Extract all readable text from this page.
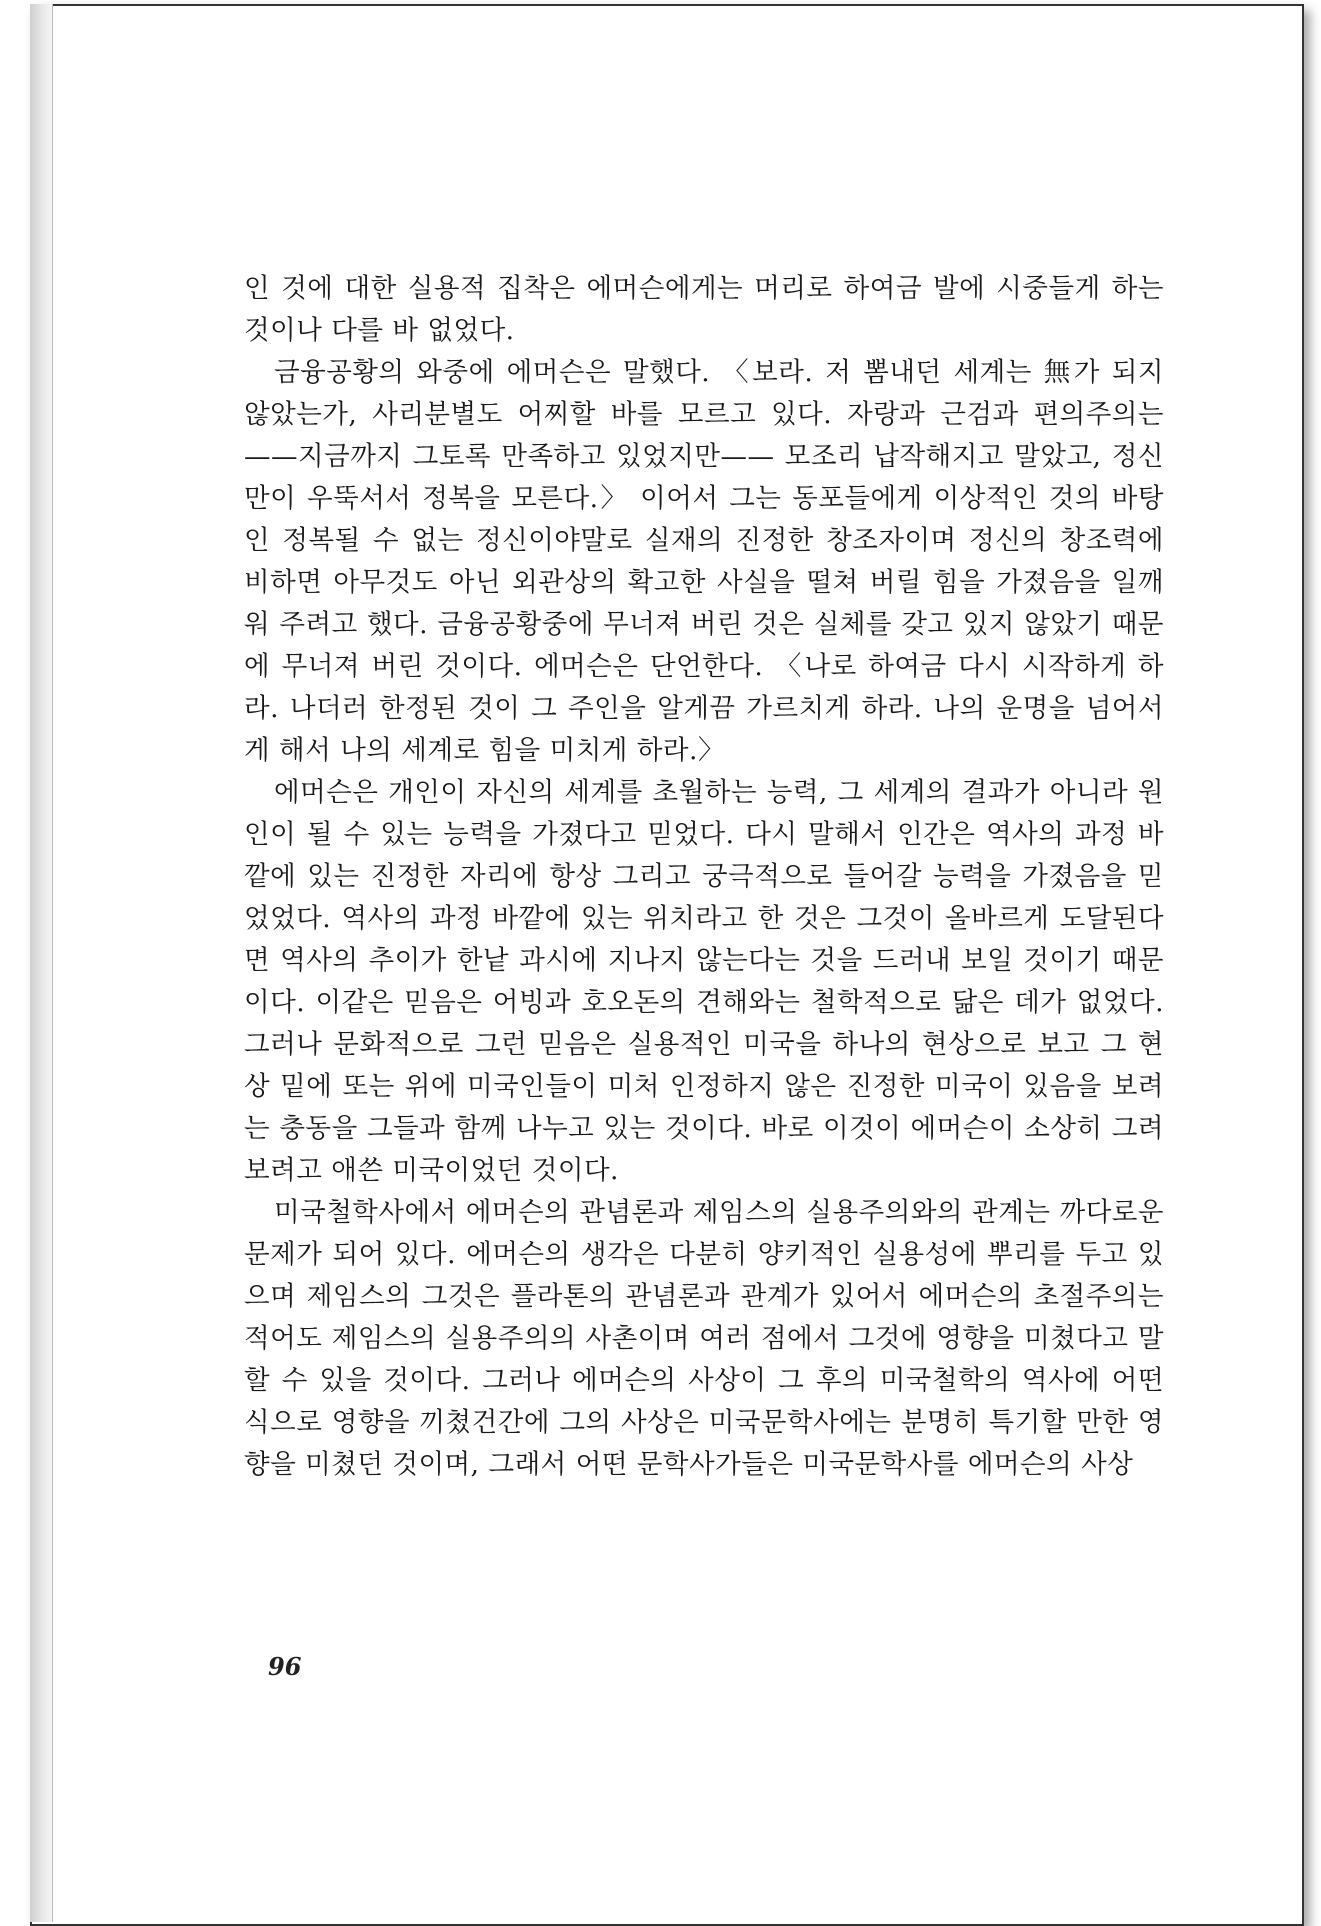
인 것에 대한 실용적 집착은 에머슨에게는 머리로 하여금 발에 시중들게 하는 것이나 다를 바 없었다.

금융공황의 와중에 에머슨은 말했다. 〈보라. 저 뽐내던 세계는 無가 되지 않았는가, 사리분별도 어찌할 바를 모르고 있다. 자랑과 근검과 편의주의는——지금까지 그토록 만족하고 있었지만—— 모조리 납작해지고 말았고, 정신만이 우뚝서서 정복을 모른다.〉 이어서 그는 동포들에게 이상적인 것의 바탕인 정복될 수 없는 정신이야말로 실재의 진정한 창조자이며 정신의 창조력에 비하면 아무것도 아닌 외관상의 확고한 사실을 떨쳐 버릴 힘을 가졌음을 일깨워 주려고 했다. 금융공황중에 무너져 버린 것은 실체를 갖고 있지 않았기 때문에 무너져 버린 것이다. 에머슨은 단언한다. 〈나로 하여금 다시 시작하게 하라. 나더러 한정된 것이 그 주인을 알게끔 가르치게 하라. 나의 운명을 넘어서게 해서 나의 세계로 힘을 미치게 하라.〉

에머슨은 개인이 자신의 세계를 초월하는 능력, 그 세계의 결과가 아니라 원인이 될 수 있는 능력을 가졌다고 믿었다. 다시 말해서 인간은 역사의 과정 바깥에 있는 진정한 자리에 항상 그리고 궁극적으로 들어갈 능력을 가졌음을 믿었었다. 역사의 과정 바깥에 있는 위치라고 한 것은 그것이 올바르게 도달된다면 역사의 추이가 한낱 과시에 지나지 않는다는 것을 드러내 보일 것이기 때문이다. 이같은 믿음은 어빙과 호오돈의 견해와는 철학적으로 닮은 데가 없었다. 그러나 문화적으로 그런 믿음은 실용적인 미국을 하나의 현상으로 보고 그 현상 밑에 또는 위에 미국인들이 미처 인정하지 않은 진정한 미국이 있음을 보려는 충동을 그들과 함께 나누고 있는 것이다. 바로 이것이 에머슨이 소상히 그려 보려고 애쓴 미국이었던 것이다.

미국철학사에서 에머슨의 관념론과 제임스의 실용주의와의 관계는 까다로운 문제가 되어 있다. 에머슨의 생각은 다분히 양키적인 실용성에 뿌리를 두고 있으며 제임스의 그것은 플라톤의 관념론과 관계가 있어서 에머슨의 초절주의는 적어도 제임스의 실용주의의 사촌이며 여러 점에서 그것에 영향을 미쳤다고 말할 수 있을 것이다. 그러나 에머슨의 사상이 그 후의 미국철학의 역사에 어떤 식으로 영향을 끼쳤건간에 그의 사상은 미국문학사에는 분명히 특기할 만한 영향을 미쳤던 것이며, 그래서 어떤 문학사가들은 미국문학사를 에머슨의 사상

96
